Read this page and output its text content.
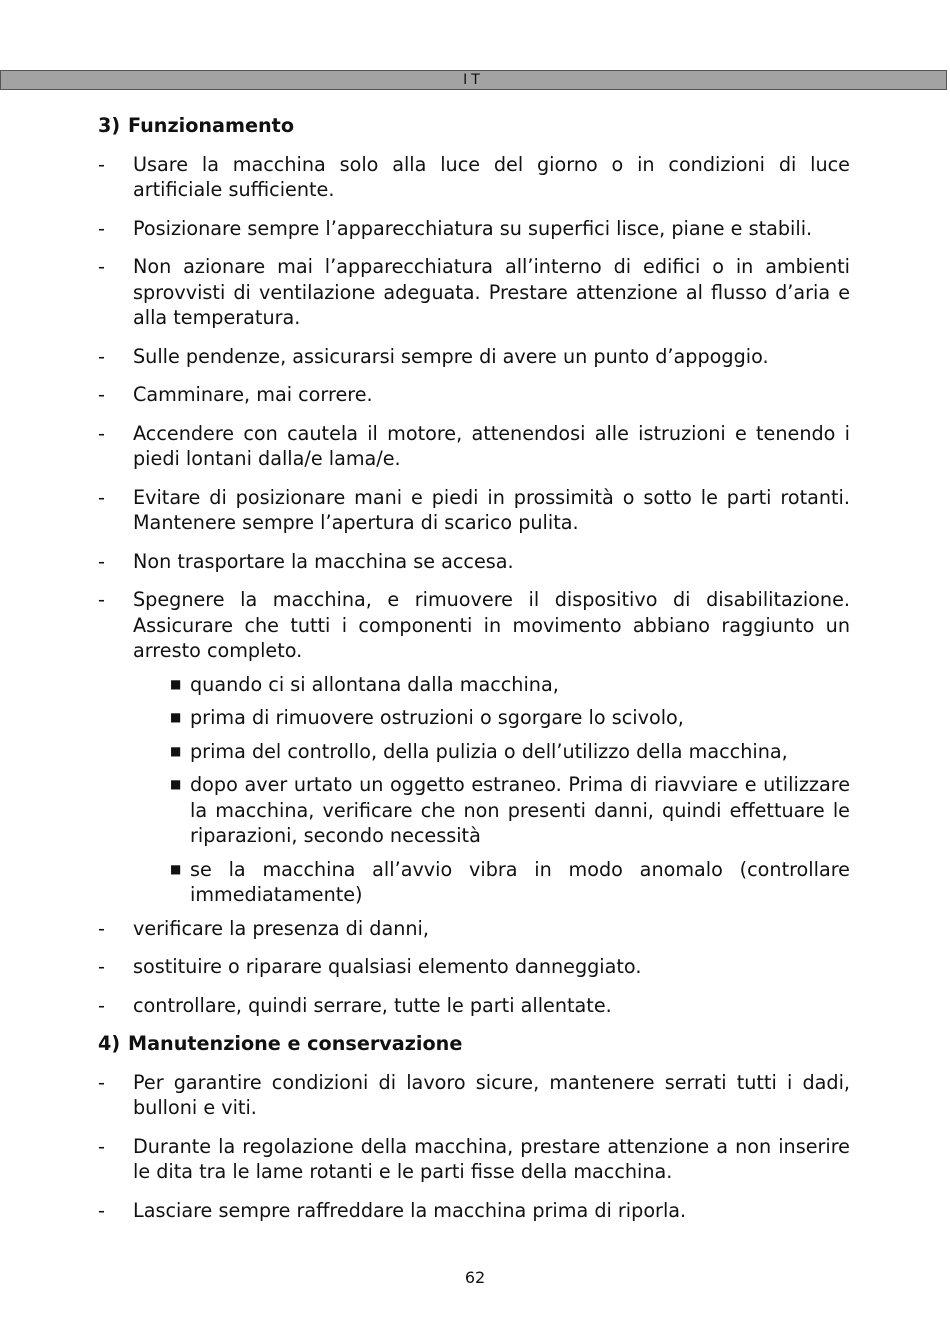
IT
3) Funzionamento
- Usare la macchina solo alla luce del giorno o in condizioni di luce artificiale sufficiente.
- Posizionare sempre l’apparecchiatura su superfici lisce, piane e stabili.
- Non azionare mai l’apparecchiatura all’interno di edifici o in ambienti sprovvisti di ventilazione adeguata. Prestare attenzione al flusso d’aria e alla temperatura.
- Sulle pendenze, assicurarsi sempre di avere un punto d’appoggio.
- Camminare, mai correre.
- Accendere con cautela il motore, attenendosi alle istruzioni e tenendo i piedi lontani dalla/e lama/e.
- Evitare di posizionare mani e piedi in prossimità o sotto le parti rotanti. Mantenere sempre l’apertura di scarico pulita.
- Non trasportare la macchina se accesa.
- Spegnere la macchina, e rimuovere il dispositivo di disabilitazione. Assicurare che tutti i componenti in movimento abbiano raggiunto un arresto completo.
■ quando ci si allontana dalla macchina,
■ prima di rimuovere ostruzioni o sgorgare lo scivolo,
■ prima del controllo, della pulizia o dell’utilizzo della macchina,
■ dopo aver urtato un oggetto estraneo. Prima di riavviare e utilizzare la macchina, verificare che non presenti danni, quindi effettuare le riparazioni, secondo necessità
■ se la macchina all’avvio vibra in modo anomalo (controllare immediatamente)
- verificare la presenza di danni,
- sostituire o riparare qualsiasi elemento danneggiato.
- controllare, quindi serrare, tutte le parti allentate.
4) Manutenzione e conservazione
- Per garantire condizioni di lavoro sicure, mantenere serrati tutti i dadi, bulloni e viti.
- Durante la regolazione della macchina, prestare attenzione a non inserire le dita tra le lame rotanti e le parti fisse della macchina.
- Lasciare sempre raffreddare la macchina prima di riporla.
62
